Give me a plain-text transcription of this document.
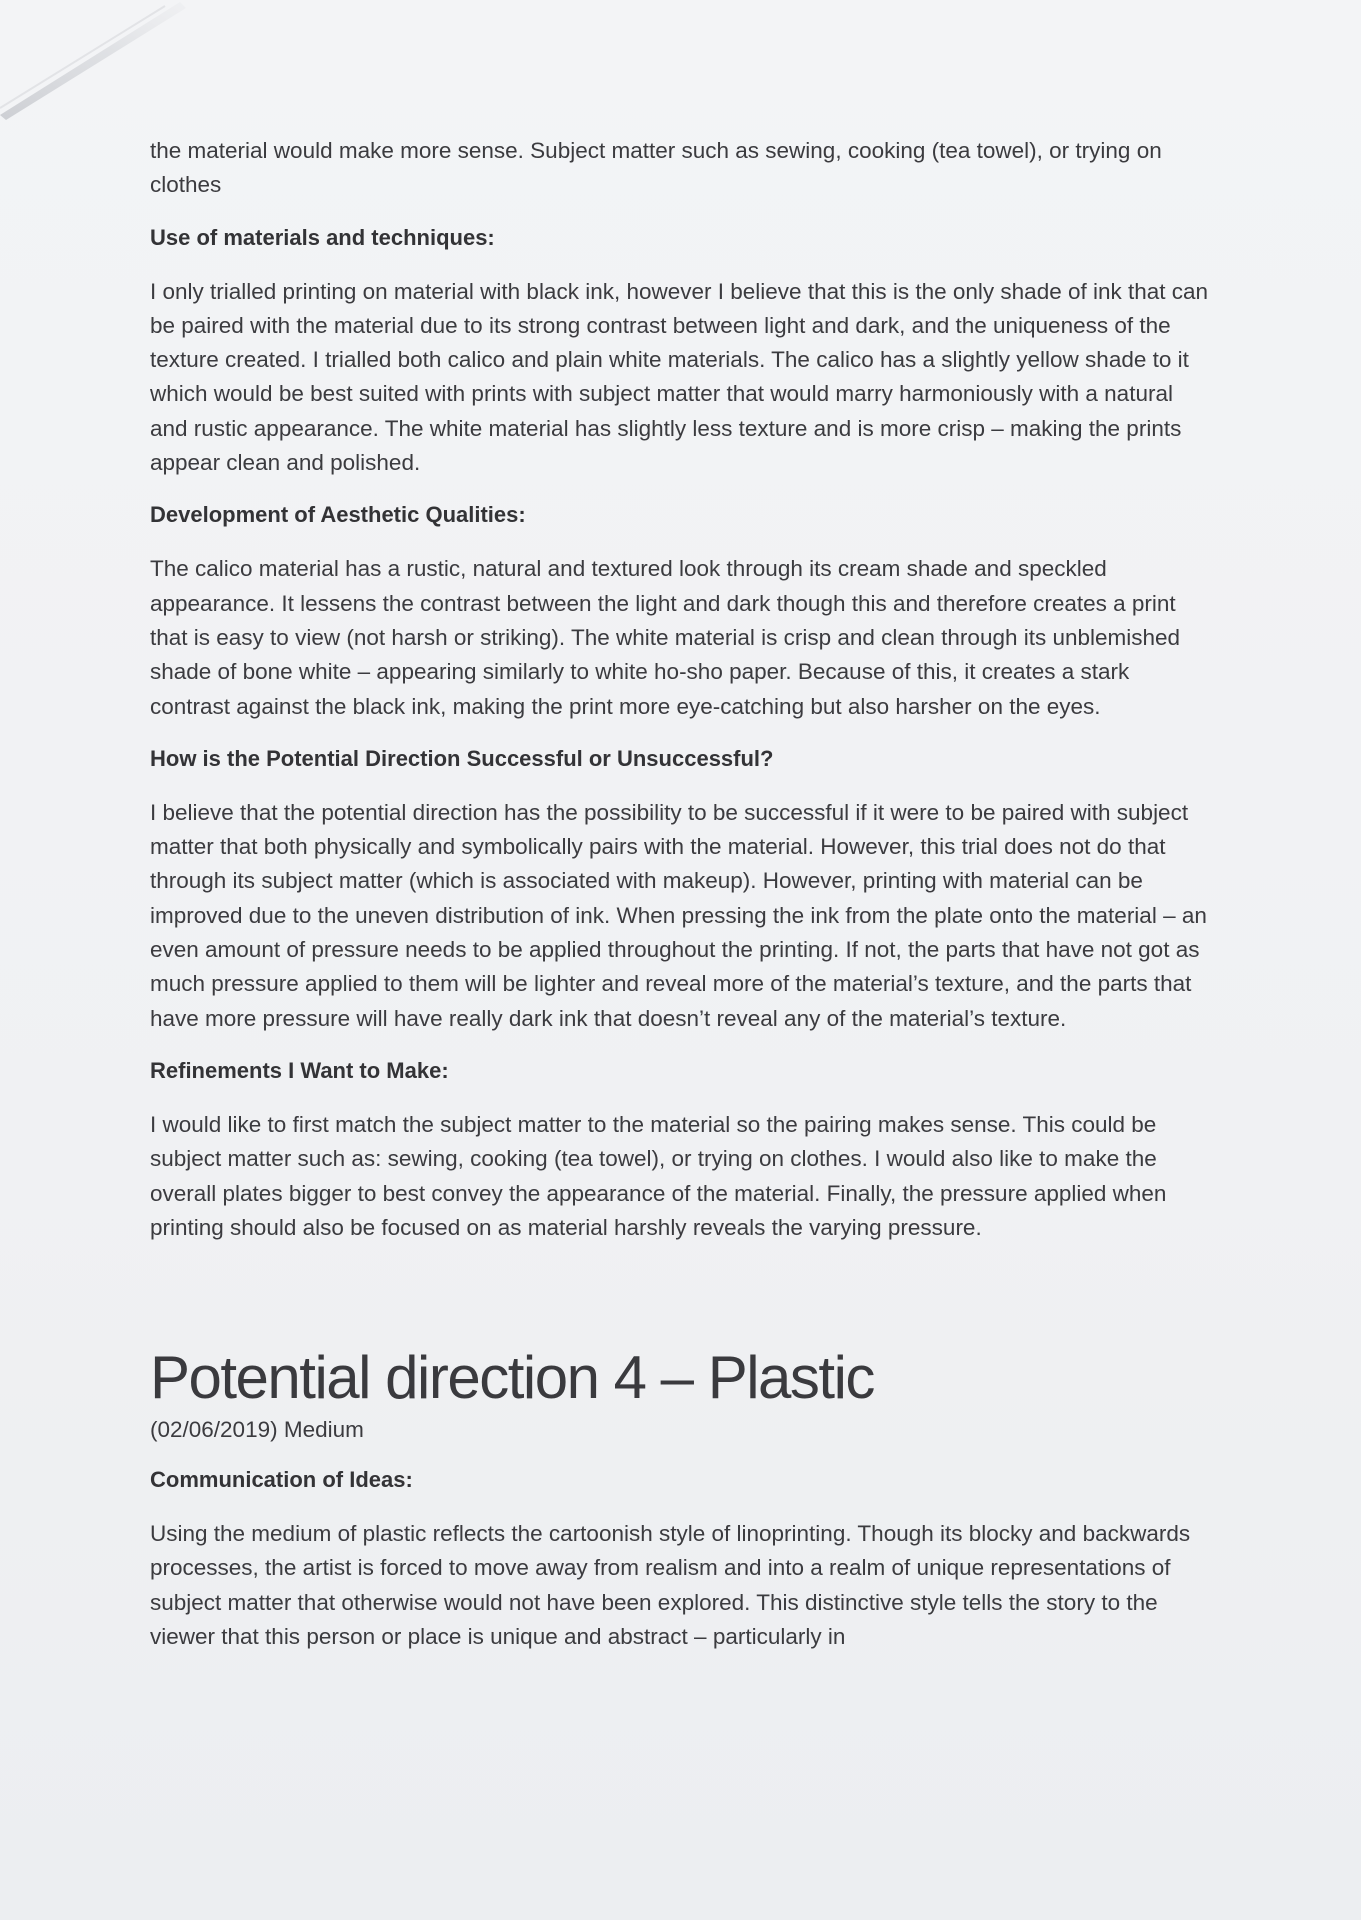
the material would make more sense. Subject matter such as sewing, cooking (tea towel), or trying on clothes

Use of materials and techniques:

I only trialled printing on material with black ink, however I believe that this is the only shade of ink that can be paired with the material due to its strong contrast between light and dark, and the uniqueness of the texture created. I trialled both calico and plain white materials. The calico has a slightly yellow shade to it which would be best suited with prints with subject matter that would marry harmoniously with a natural and rustic appearance. The white material has slightly less texture and is more crisp – making the prints appear clean and polished.

Development of Aesthetic Qualities:

The calico material has a rustic, natural and textured look through its cream shade and speckled appearance. It lessens the contrast between the light and dark though this and therefore creates a print that is easy to view (not harsh or striking). The white material is crisp and clean through its unblemished shade of bone white – appearing similarly to white ho-sho paper. Because of this, it creates a stark contrast against the black ink, making the print more eye-catching but also harsher on the eyes.

How is the Potential Direction Successful or Unsuccessful?

I believe that the potential direction has the possibility to be successful if it were to be paired with subject matter that both physically and symbolically pairs with the material. However, this trial does not do that through its subject matter (which is associated with makeup). However, printing with material can be improved due to the uneven distribution of ink. When pressing the ink from the plate onto the material – an even amount of pressure needs to be applied throughout the printing. If not, the parts that have not got as much pressure applied to them will be lighter and reveal more of the material’s texture, and the parts that have more pressure will have really dark ink that doesn’t reveal any of the material’s texture.

Refinements I Want to Make:

I would like to first match the subject matter to the material so the pairing makes sense. This could be subject matter such as: sewing, cooking (tea towel), or trying on clothes. I would also like to make the overall plates bigger to best convey the appearance of the material. Finally, the pressure applied when printing should also be focused on as material harshly reveals the varying pressure.

Potential direction 4 – Plastic

(02/06/2019) Medium

Communication of Ideas:

Using the medium of plastic reflects the cartoonish style of linoprinting. Though its blocky and backwards processes, the artist is forced to move away from realism and into a realm of unique representations of subject matter that otherwise would not have been explored. This distinctive style tells the story to the viewer that this person or place is unique and abstract – particularly in
